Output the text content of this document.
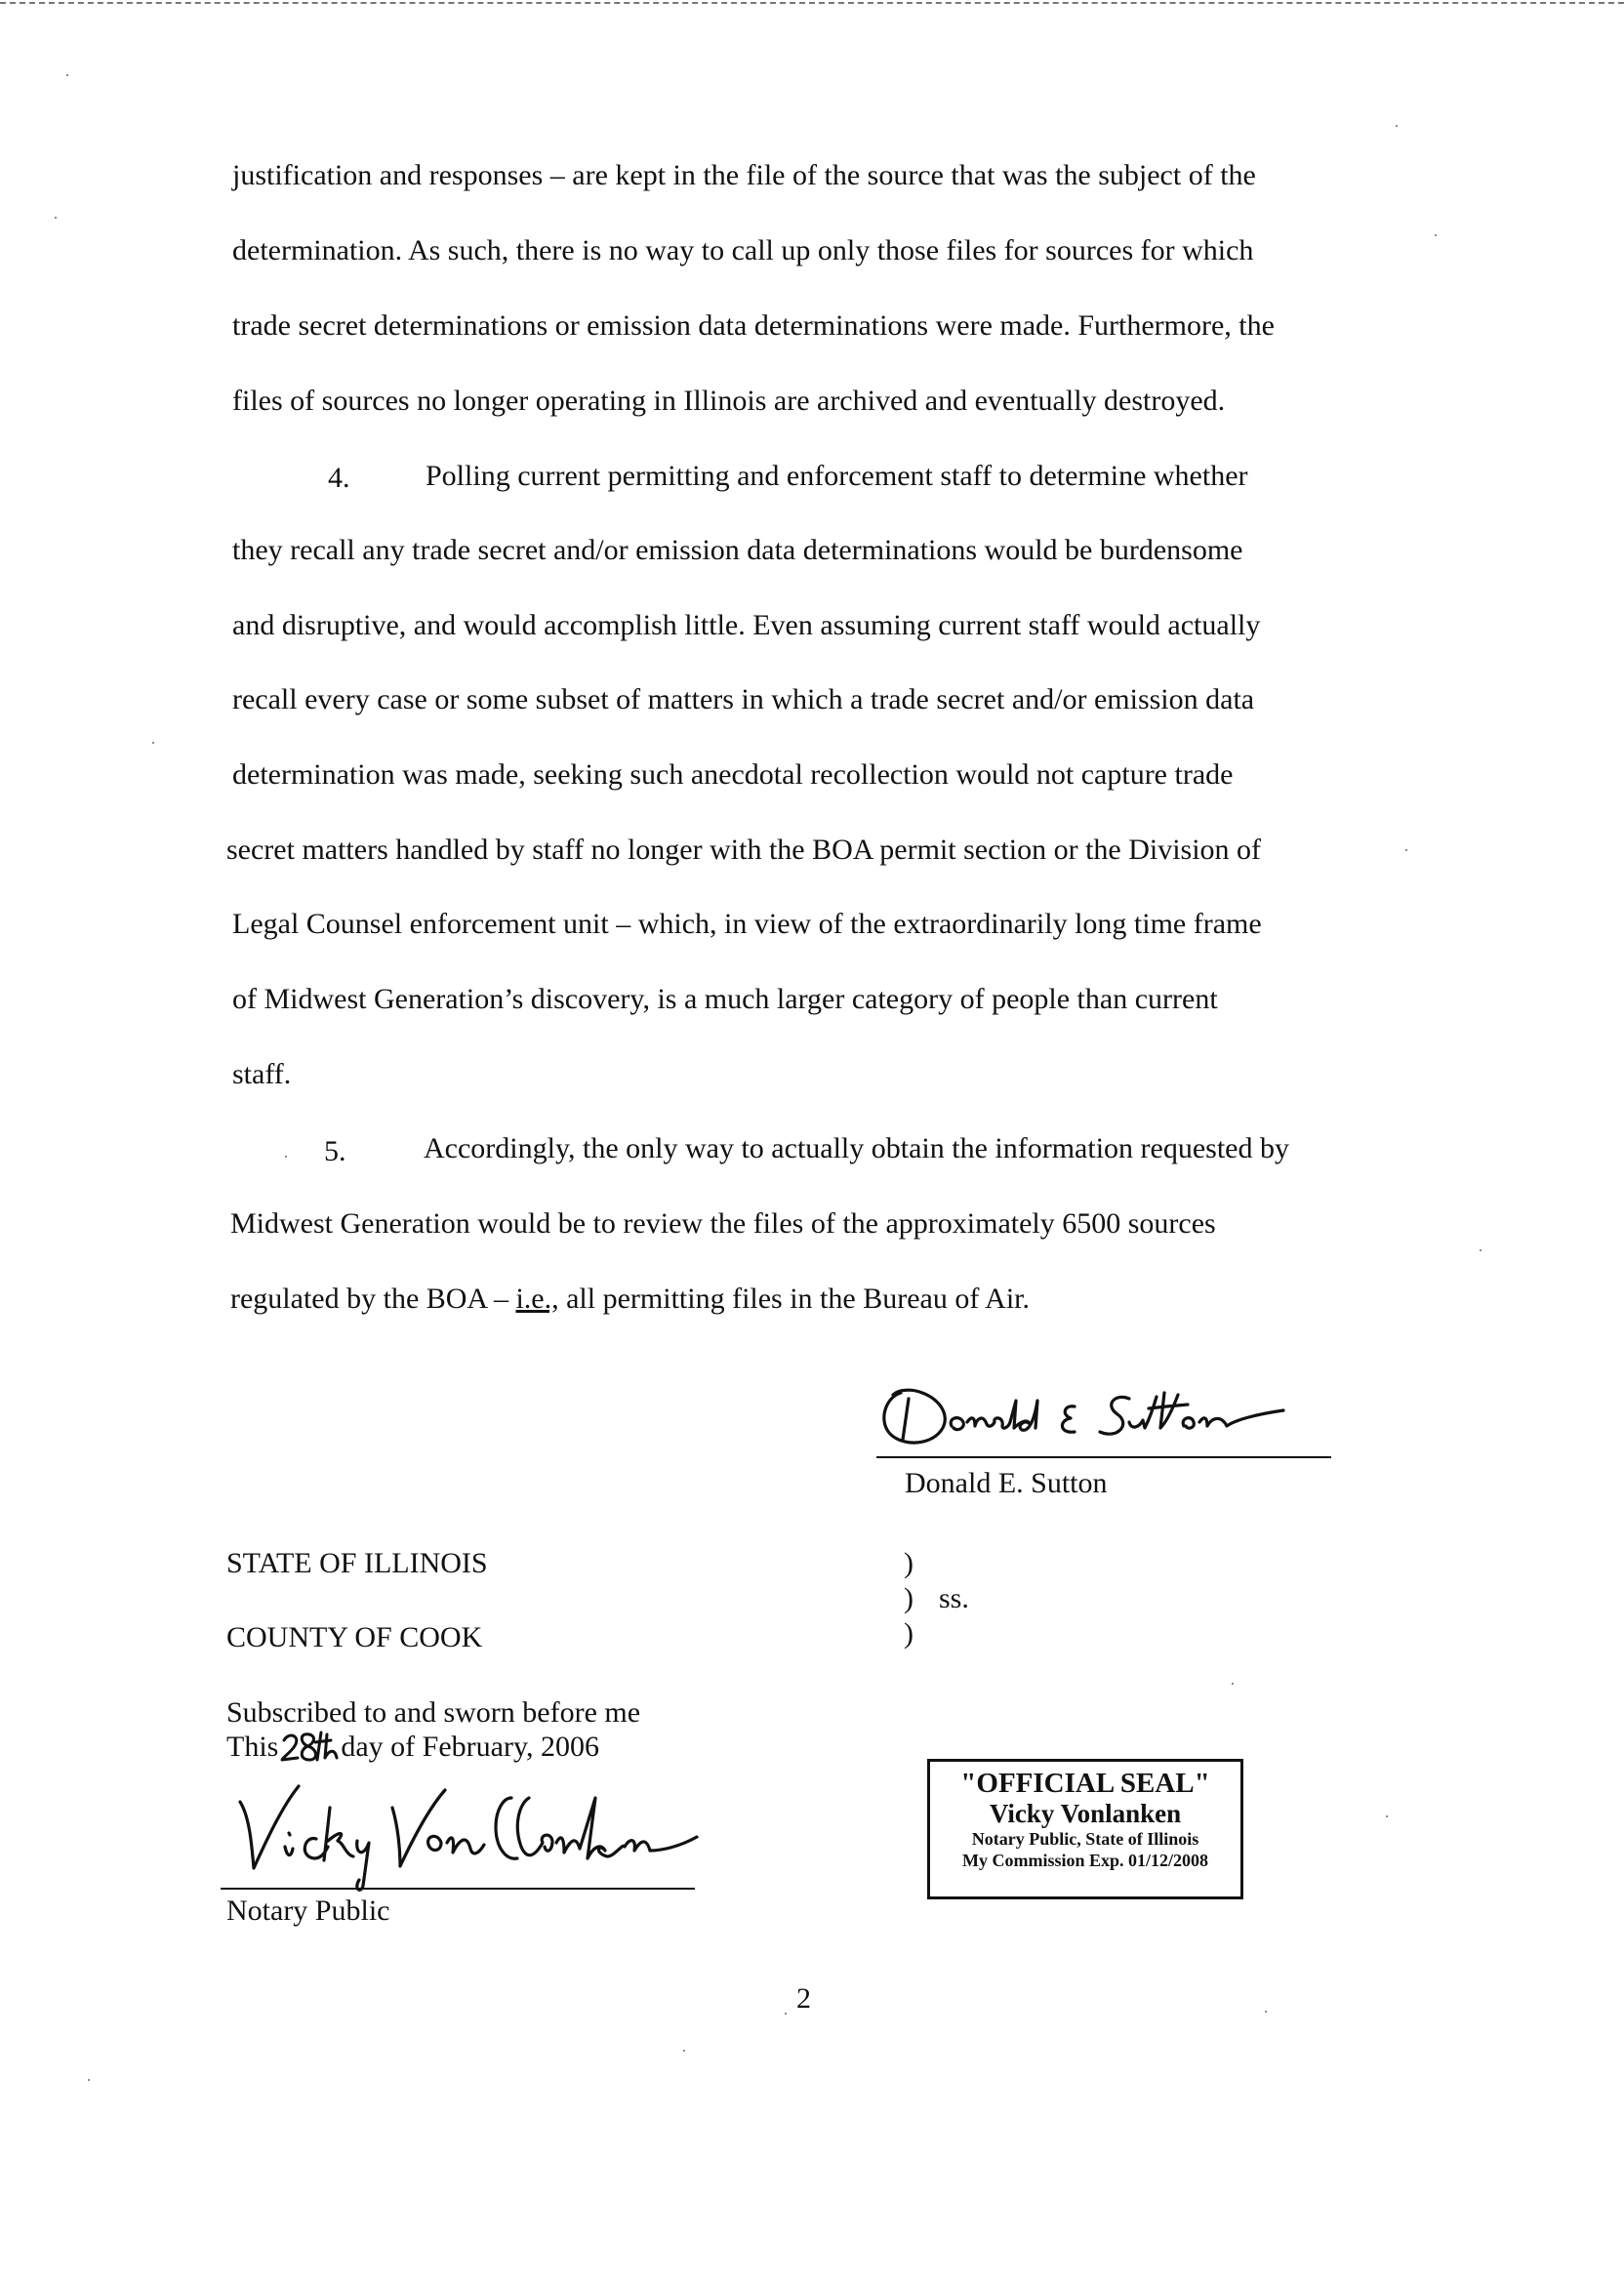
justification and responses – are kept in the file of the source that was the subject of the
determination. As such, there is no way to call up only those files for sources for which
trade secret determinations or emission data determinations were made. Furthermore, the
files of sources no longer operating in Illinois are archived and eventually destroyed.
4.	Polling current permitting and enforcement staff to determine whether
they recall any trade secret and/or emission data determinations would be burdensome
and disruptive, and would accomplish little. Even assuming current staff would actually
recall every case or some subset of matters in which a trade secret and/or emission data
determination was made, seeking such anecdotal recollection would not capture trade
secret matters handled by staff no longer with the BOA permit section or the Division of
Legal Counsel enforcement unit – which, in view of the extraordinarily long time frame
of Midwest Generation’s discovery, is a much larger category of people than current
staff.
5.	Accordingly, the only way to actually obtain the information requested by
Midwest Generation would be to review the files of the approximately 6500 sources
regulated by the BOA – i.e., all permitting files in the Bureau of Air.
Donald E. Sutton
STATE OF ILLINOIS
COUNTY OF COOK
)
) ss.
)
Subscribed to and sworn before me
This day of February, 2006
Notary Public
"OFFICIAL SEAL"
Vicky Vonlanken
Notary Public, State of Illinois
My Commission Exp. 01/12/2008
2
